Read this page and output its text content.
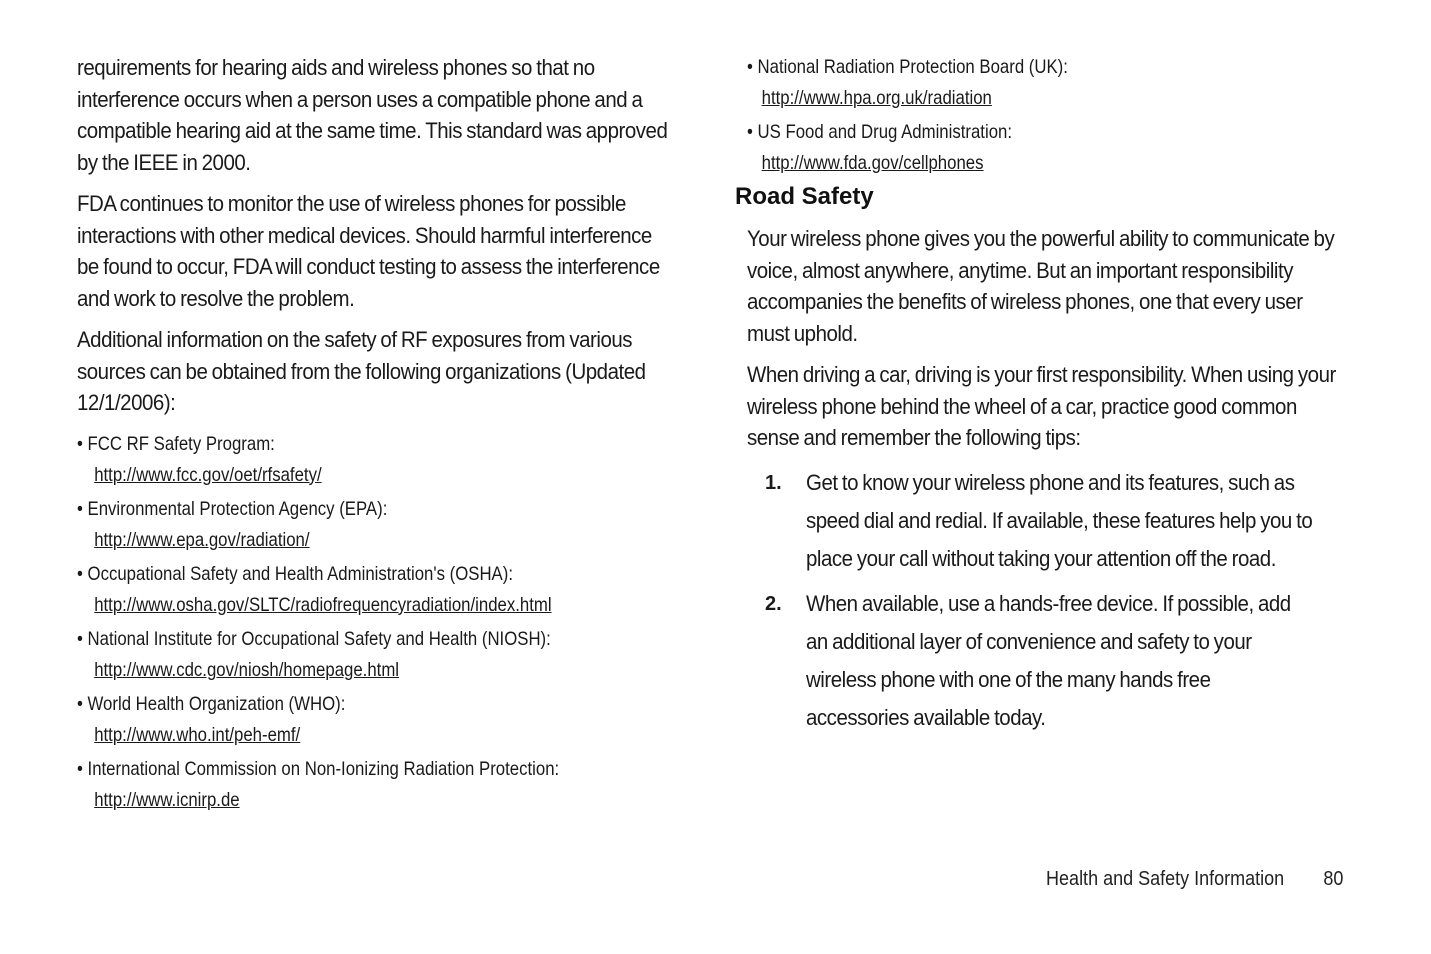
requirements for hearing aids and wireless phones so that no interference occurs when a person uses a compatible phone and a compatible hearing aid at the same time. This standard was approved by the IEEE in 2000.

FDA continues to monitor the use of wireless phones for possible interactions with other medical devices. Should harmful interference be found to occur, FDA will conduct testing to assess the interference and work to resolve the problem.

Additional information on the safety of RF exposures from various sources can be obtained from the following organizations (Updated 12/1/2006):

• FCC RF Safety Program:
http://www.fcc.gov/oet/rfsafety/
• Environmental Protection Agency (EPA):
http://www.epa.gov/radiation/
• Occupational Safety and Health Administration's (OSHA):
http://www.osha.gov/SLTC/radiofrequencyradiation/index.html
• National Institute for Occupational Safety and Health (NIOSH):
http://www.cdc.gov/niosh/homepage.html
• World Health Organization (WHO):
http://www.who.int/peh-emf/
• International Commission on Non-Ionizing Radiation Protection:
http://www.icnirp.de
• National Radiation Protection Board (UK):
http://www.hpa.org.uk/radiation
• US Food and Drug Administration:
http://www.fda.gov/cellphones
Road Safety

Your wireless phone gives you the powerful ability to communicate by voice, almost anywhere, anytime. But an important responsibility accompanies the benefits of wireless phones, one that every user must uphold.

When driving a car, driving is your first responsibility. When using your wireless phone behind the wheel of a car, practice good common sense and remember the following tips:

1.	Get to know your wireless phone and its features, such as speed dial and redial. If available, these features help you to place your call without taking your attention off the road.
2.	When available, use a hands-free device. If possible, add an additional layer of convenience and safety to your wireless phone with one of the many hands free accessories available today.
Health and Safety Information 80
